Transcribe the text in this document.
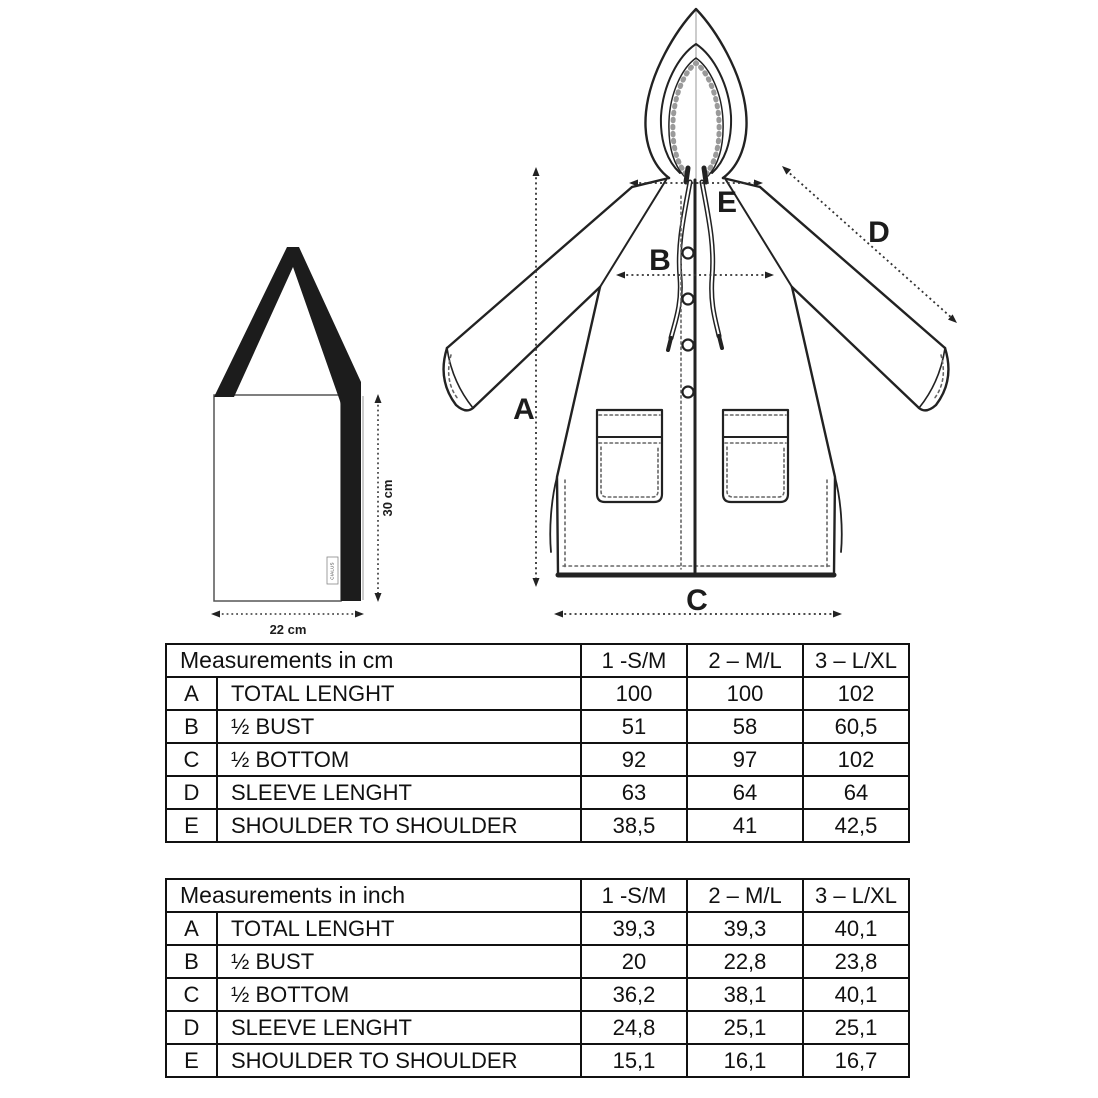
CIALUS
30 cm
22 cm
E
B
A
C
D
Measurements in cm		1 -S/M	2 – M/L	3 – L/XL
A	TOTAL LENGHT	100	100	102
B	½ BUST	51	58	60,5
C	½ BOTTOM	92	97	102
D	SLEEVE LENGHT	63	64	64
E	SHOULDER TO SHOULDER	38,5	41	42,5
Measurements in inch		1 -S/M	2 – M/L	3 – L/XL
A	TOTAL LENGHT	39,3	39,3	40,1
B	½ BUST	20	22,8	23,8
C	½ BOTTOM	36,2	38,1	40,1
D	SLEEVE LENGHT	24,8	25,1	25,1
E	SHOULDER TO SHOULDER	15,1	16,1	16,7
